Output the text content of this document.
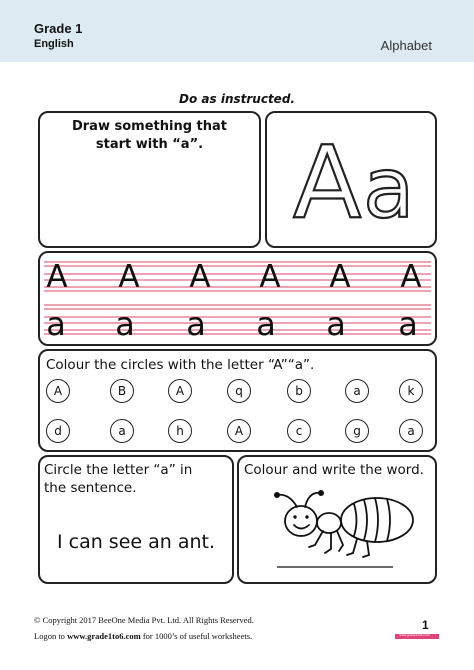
Grade 1
English	Alphabet
Do as instructed.
Draw something that
start with “a”. A a
A A A A A A
a a a a a a
Colour the circles with the letter “A”“a”.
A	B	A	q	b	a	k
d	a	h	A	c	g	a
Circle the letter “a” in
the sentence.
I can see an ant.
Colour and write the word.
© Copyright 2017 BeeOne Media Pvt. Ltd. All Rights Reserved.
Logon to www.grade1to6.com for 1000’s of useful worksheets.
1
www.grade1to6.com
